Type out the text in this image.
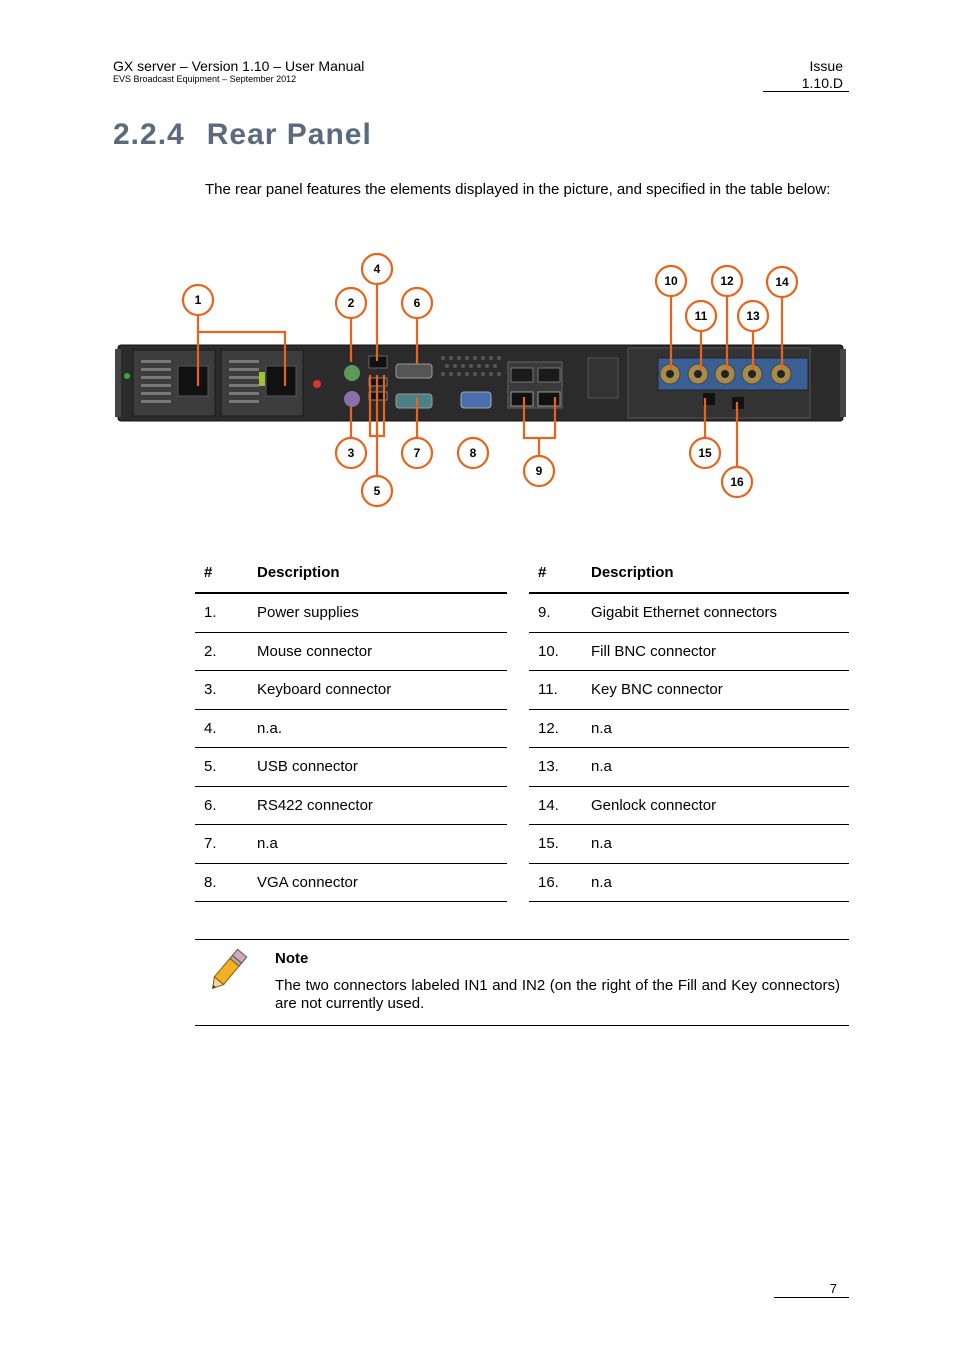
GX server – Version 1.10 – User Manual
EVS Broadcast Equipment – September 2012
Issue
1.10.D
2.2.4 Rear Panel
The rear panel features the elements displayed in the picture, and specified in the table below:
1	2
3
4
5
6
7	8
9
10
11
12
13
14
15
16
#	Description
1.	Power supplies
2.	Mouse connector
3.	Keyboard connector
4.	n.a.
5.	USB connector
6.	RS422 connector
7.	n.a
8.	VGA connector
#	Description
9.	Gigabit Ethernet connectors
10.	Fill BNC connector
11.	Key BNC connector
12.	n.a
13.	n.a
14.	Genlock connector
15.	n.a
16.	n.a
Note
The two connectors labeled IN1 and IN2 (on the right of the Fill and Key connectors) are not currently used.
7
